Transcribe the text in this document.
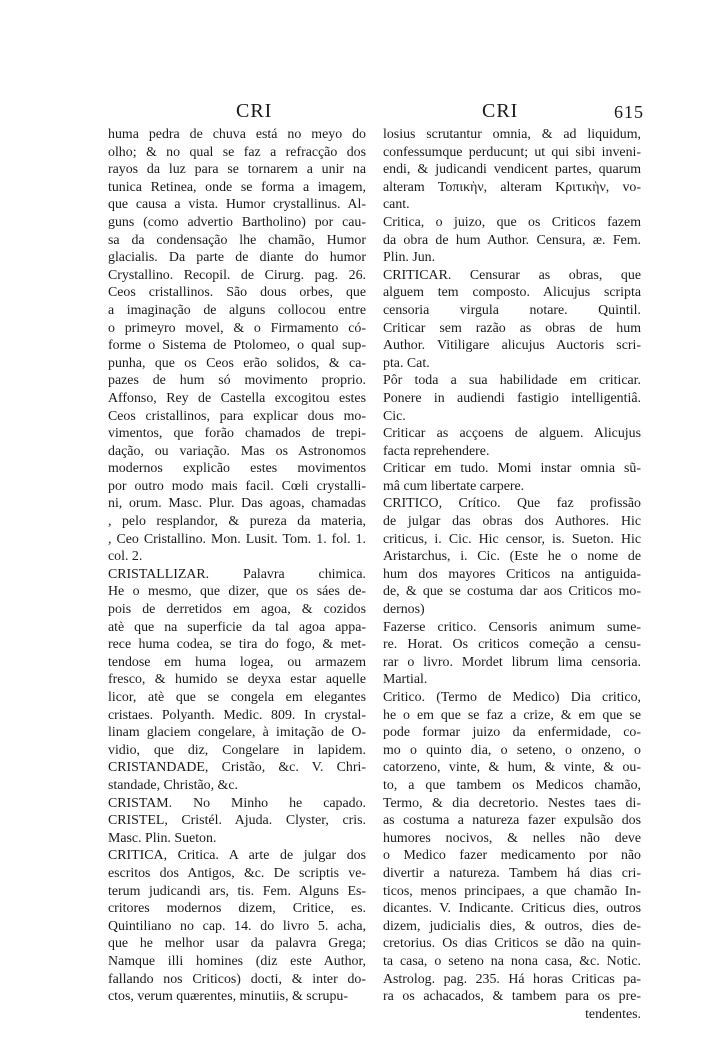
CRI	CRI	615
huma pedra de chuva está no meyo do
olho; & no qual se faz a refracção dos
rayos da luz para se tornarem a unir na
tunica Retinea, onde se forma a imagem,
que causa a vista. Humor crystallinus. Al-
guns (como advertio Bartholino) por cau-
sa da condensação lhe chamão, Humor
glacialis. Da parte de diante do humor
Crystallino. Recopil. de Cirurg. pag. 26.
Ceos cristallinos. São dous orbes, que
a imaginação de alguns collocou entre
o primeyro movel, & o Firmamento có-
forme o Sistema de Ptolomeo, o qual sup-
punha, que os Ceos erão solidos, & ca-
pazes de hum só movimento proprio.
Affonso, Rey de Castella excogitou estes
Ceos cristallinos, para explicar dous mo-
vimentos, que forão chamados de trepi-
dação, ou variação. Mas os Astronomos
modernos explicão estes movimentos
por outro modo mais facil. Cœli crystalli-
ni, orum. Masc. Plur. Das agoas, chamadas
, pelo resplandor, & pureza da materia,
, Ceo Cristallino. Mon. Lusit. Tom. 1. fol. 1.
col. 2.
CRISTALLIZAR. Palavra chimica.
He o mesmo, que dizer, que os sáes de-
pois de derretidos em agoa, & cozidos
atè que na superficie da tal agoa appa-
rece huma codea, se tira do fogo, & met-
tendose em huma logea, ou armazem
fresco, & humido se deyxa estar aquelle
licor, atè que se congela em elegantes
cristaes. Polyanth. Medic. 809. In crystal-
linam glaciem congelare, à imitação de O-
vidio, que diz, Congelare in lapidem.
CRISTANDADE, Cristão, &c. V. Chri-
standade, Christão, &c.
CRISTAM. No Minho he capado.
CRISTEL, Cristél. Ajuda. Clyster, cris.
Masc. Plin. Sueton.
CRITICA, Critica. A arte de julgar dos
escritos dos Antigos, &c. De scriptis ve-
terum judicandi ars, tis. Fem. Alguns Es-
critores modernos dizem, Critice, es.
Quintiliano no cap. 14. do livro 5. acha,
que he melhor usar da palavra Grega;
Namque illi homines (diz este Author,
fallando nos Criticos) docti, & inter do-
ctos, verum quærentes, minutiis, & scrupu-
losius scrutantur omnia, & ad liquidum,
confessumque perducunt; ut qui sibi inveni-
endi, & judicandi vendicent partes, quarum
alteram Τοπικὴν, alteram Κριτικὴν, vo-
cant.
Critica, o juizo, que os Criticos fazem
da obra de hum Author. Censura, æ. Fem.
Plin. Jun.
CRITICAR. Censurar as obras, que
alguem tem composto. Alicujus scripta
censoria virgula notare. Quintil.
Criticar sem razão as obras de hum
Author. Vitiligare alicujus Auctoris scri-
pta. Cat.
Pôr toda a sua habilidade em criticar.
Ponere in audiendi fastigio intelligentiâ.
Cic.
Criticar as acçoens de alguem. Alicujus
facta reprehendere.
Criticar em tudo. Momi instar omnia sũ-
mâ cum libertate carpere.
CRITICO, Crítico. Que faz profissão
de julgar das obras dos Authores. Hic
criticus, i. Cic. Hic censor, is. Sueton. Hic
Aristarchus, i. Cic. (Este he o nome de
hum dos mayores Criticos na antiguida-
de, & que se costuma dar aos Criticos mo-
dernos)
Fazerse critico. Censoris animum sume-
re. Horat. Os criticos começão a censu-
rar o livro. Mordet librum lima censoria.
Martial.
Critico. (Termo de Medico) Dia critico,
he o em que se faz a crize, & em que se
pode formar juizo da enfermidade, co-
mo o quinto dia, o seteno, o onzeno, o
catorzeno, vinte, & hum, & vinte, & ou-
to, a que tambem os Medicos chamão,
Termo, & dia decretorio. Nestes taes di-
as costuma a natureza fazer expulsão dos
humores nocivos, & nelles não deve
o Medico fazer medicamento por não
divertir a natureza. Tambem há dias cri-
ticos, menos principaes, a que chamão In-
dicantes. V. Indicante. Criticus dies, outros
dizem, judicialis dies, & outros, dies de-
cretorius. Os dias Criticos se dão na quin-
ta casa, o seteno na nona casa, &c. Notic.
Astrolog. pag. 235. Há horas Criticas pa-
ra os achacados, & tambem para os pre-
tendentes.
